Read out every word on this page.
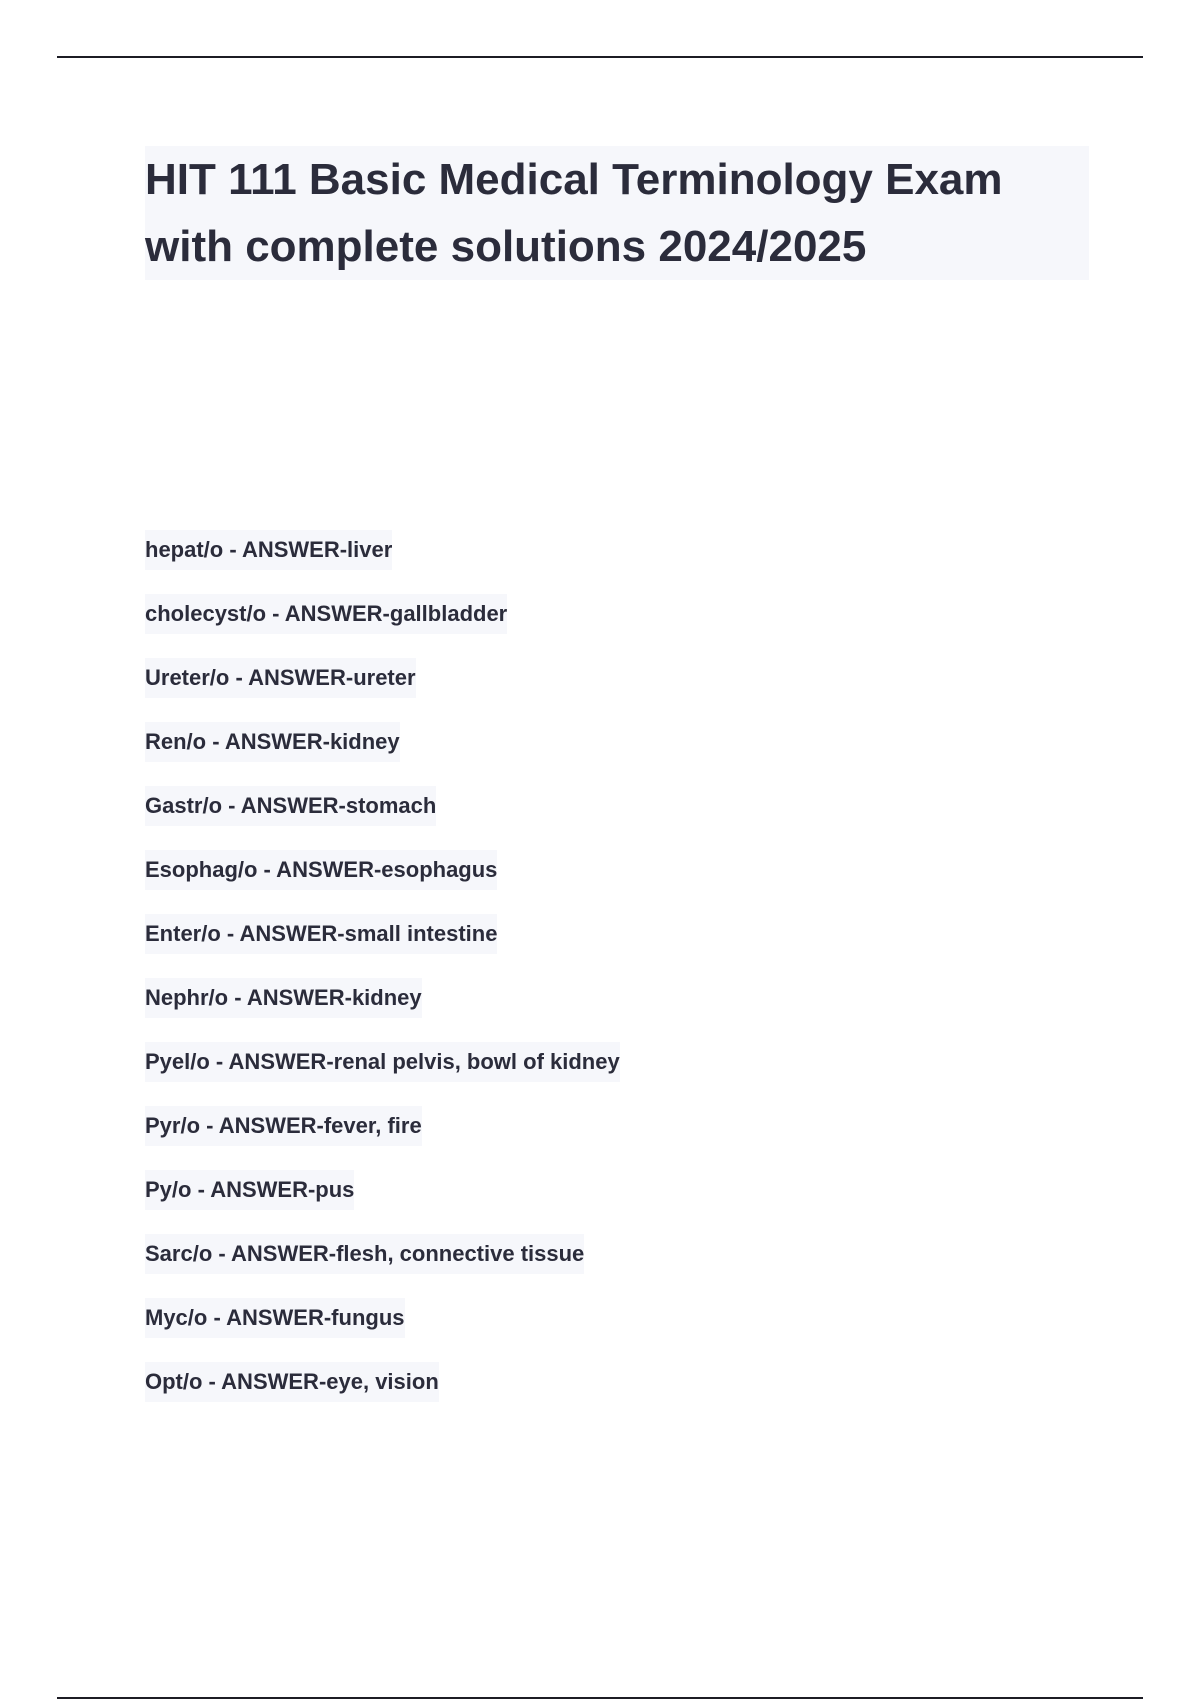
HIT 111 Basic Medical Terminology Exam with complete solutions 2024/2025
hepat/o - ANSWER-liver
cholecyst/o - ANSWER-gallbladder
Ureter/o - ANSWER-ureter
Ren/o - ANSWER-kidney
Gastr/o - ANSWER-stomach
Esophag/o - ANSWER-esophagus
Enter/o - ANSWER-small intestine
Nephr/o - ANSWER-kidney
Pyel/o - ANSWER-renal pelvis, bowl of kidney
Pyr/o - ANSWER-fever, fire
Py/o - ANSWER-pus
Sarc/o - ANSWER-flesh, connective tissue
Myc/o - ANSWER-fungus
Opt/o - ANSWER-eye, vision
